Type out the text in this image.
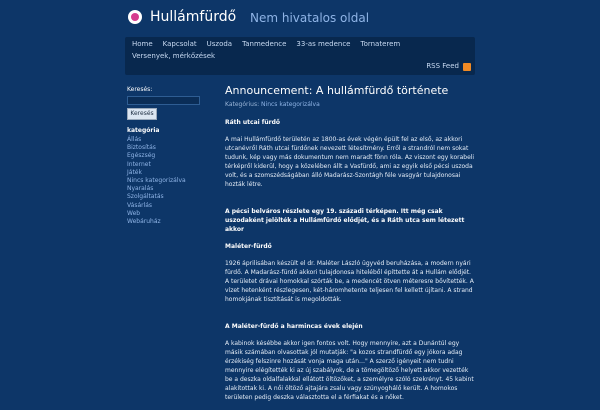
Hullámfürdő Nem hivatalos oldal
Home Kapcsolat Uszoda Tanmedence 33-as medence Tornaterem
Versenyek, mérkőzések
RSS Feed
Keresés:
Keresés
kategória
Állás
Biztosítás
Egészség
Internet
Játék
Nincs kategorizálva
Nyaralás
Szolgáltatás
Vásárlás
Web
Webáruház
Announcement: A hullámfürdő története
Kategórius: Nincs kategorizálva

Ráth utcai fürdő

A mai Hullámfürdő területén az 1800-as évek végén épült fel az első, az akkori utcanévről Ráth utcai fürdőnek nevezett létesítmény. Erről a strandról nem sokat tudunk, kép vagy más dokumentum nem maradt fönn róla. Az viszont egy korabeli térképről kiderül, hogy a közelében állt a Vasfürdő, ami az egyik első pécsi uszoda volt, és a szomszédságában álló Madarász-Szontágh féle vasgyár tulajdonosai hozták létre.

A pécsi belváros részlete egy 19. századi térképen. Itt még csak uszodaként jelölték a Hullámfürdő elődjét, és a Ráth utca sem létezett akkor

Maléter-fürdő

1926 áprilisában készült el dr. Maléter László ügyvéd beruházása, a modern nyári fürdő. A Madarász-fürdő akkori tulajdonosa hiteléből építtette át a Hullám elődjét. A területet drávai homokkal szórták be, a medencét ötven méteresre bővítették. A vízet hetenként részlegesen, két-háromhetente teljesen fel kellett újítani. A strand homokjának tisztítását is megoldották.

A Maléter-fürdő a harmincas évek elején

A kabinok késébbe akkor igen fontos volt. Hogy mennyire, azt a Dunántúl egy másik számában olvasottak jól mutatják: "a kozos strandfürdő egy jókora adag érzékiség felszinre hozását vonja maga után…" A szerző igényeit nem tudni mennyire elégítették ki az új szabályok, de a tömegöltöző helyett akkor vezették be a deszka oldalfalakkal ellátott öltözőket, a személyre szóló szekrényt. 45 kabint alakítottak ki. A női öltöző ajtajára zsalu vagy szúnyoghálő került. A homokos területen pedig deszka választotta el a férfiakat és a nőket.
